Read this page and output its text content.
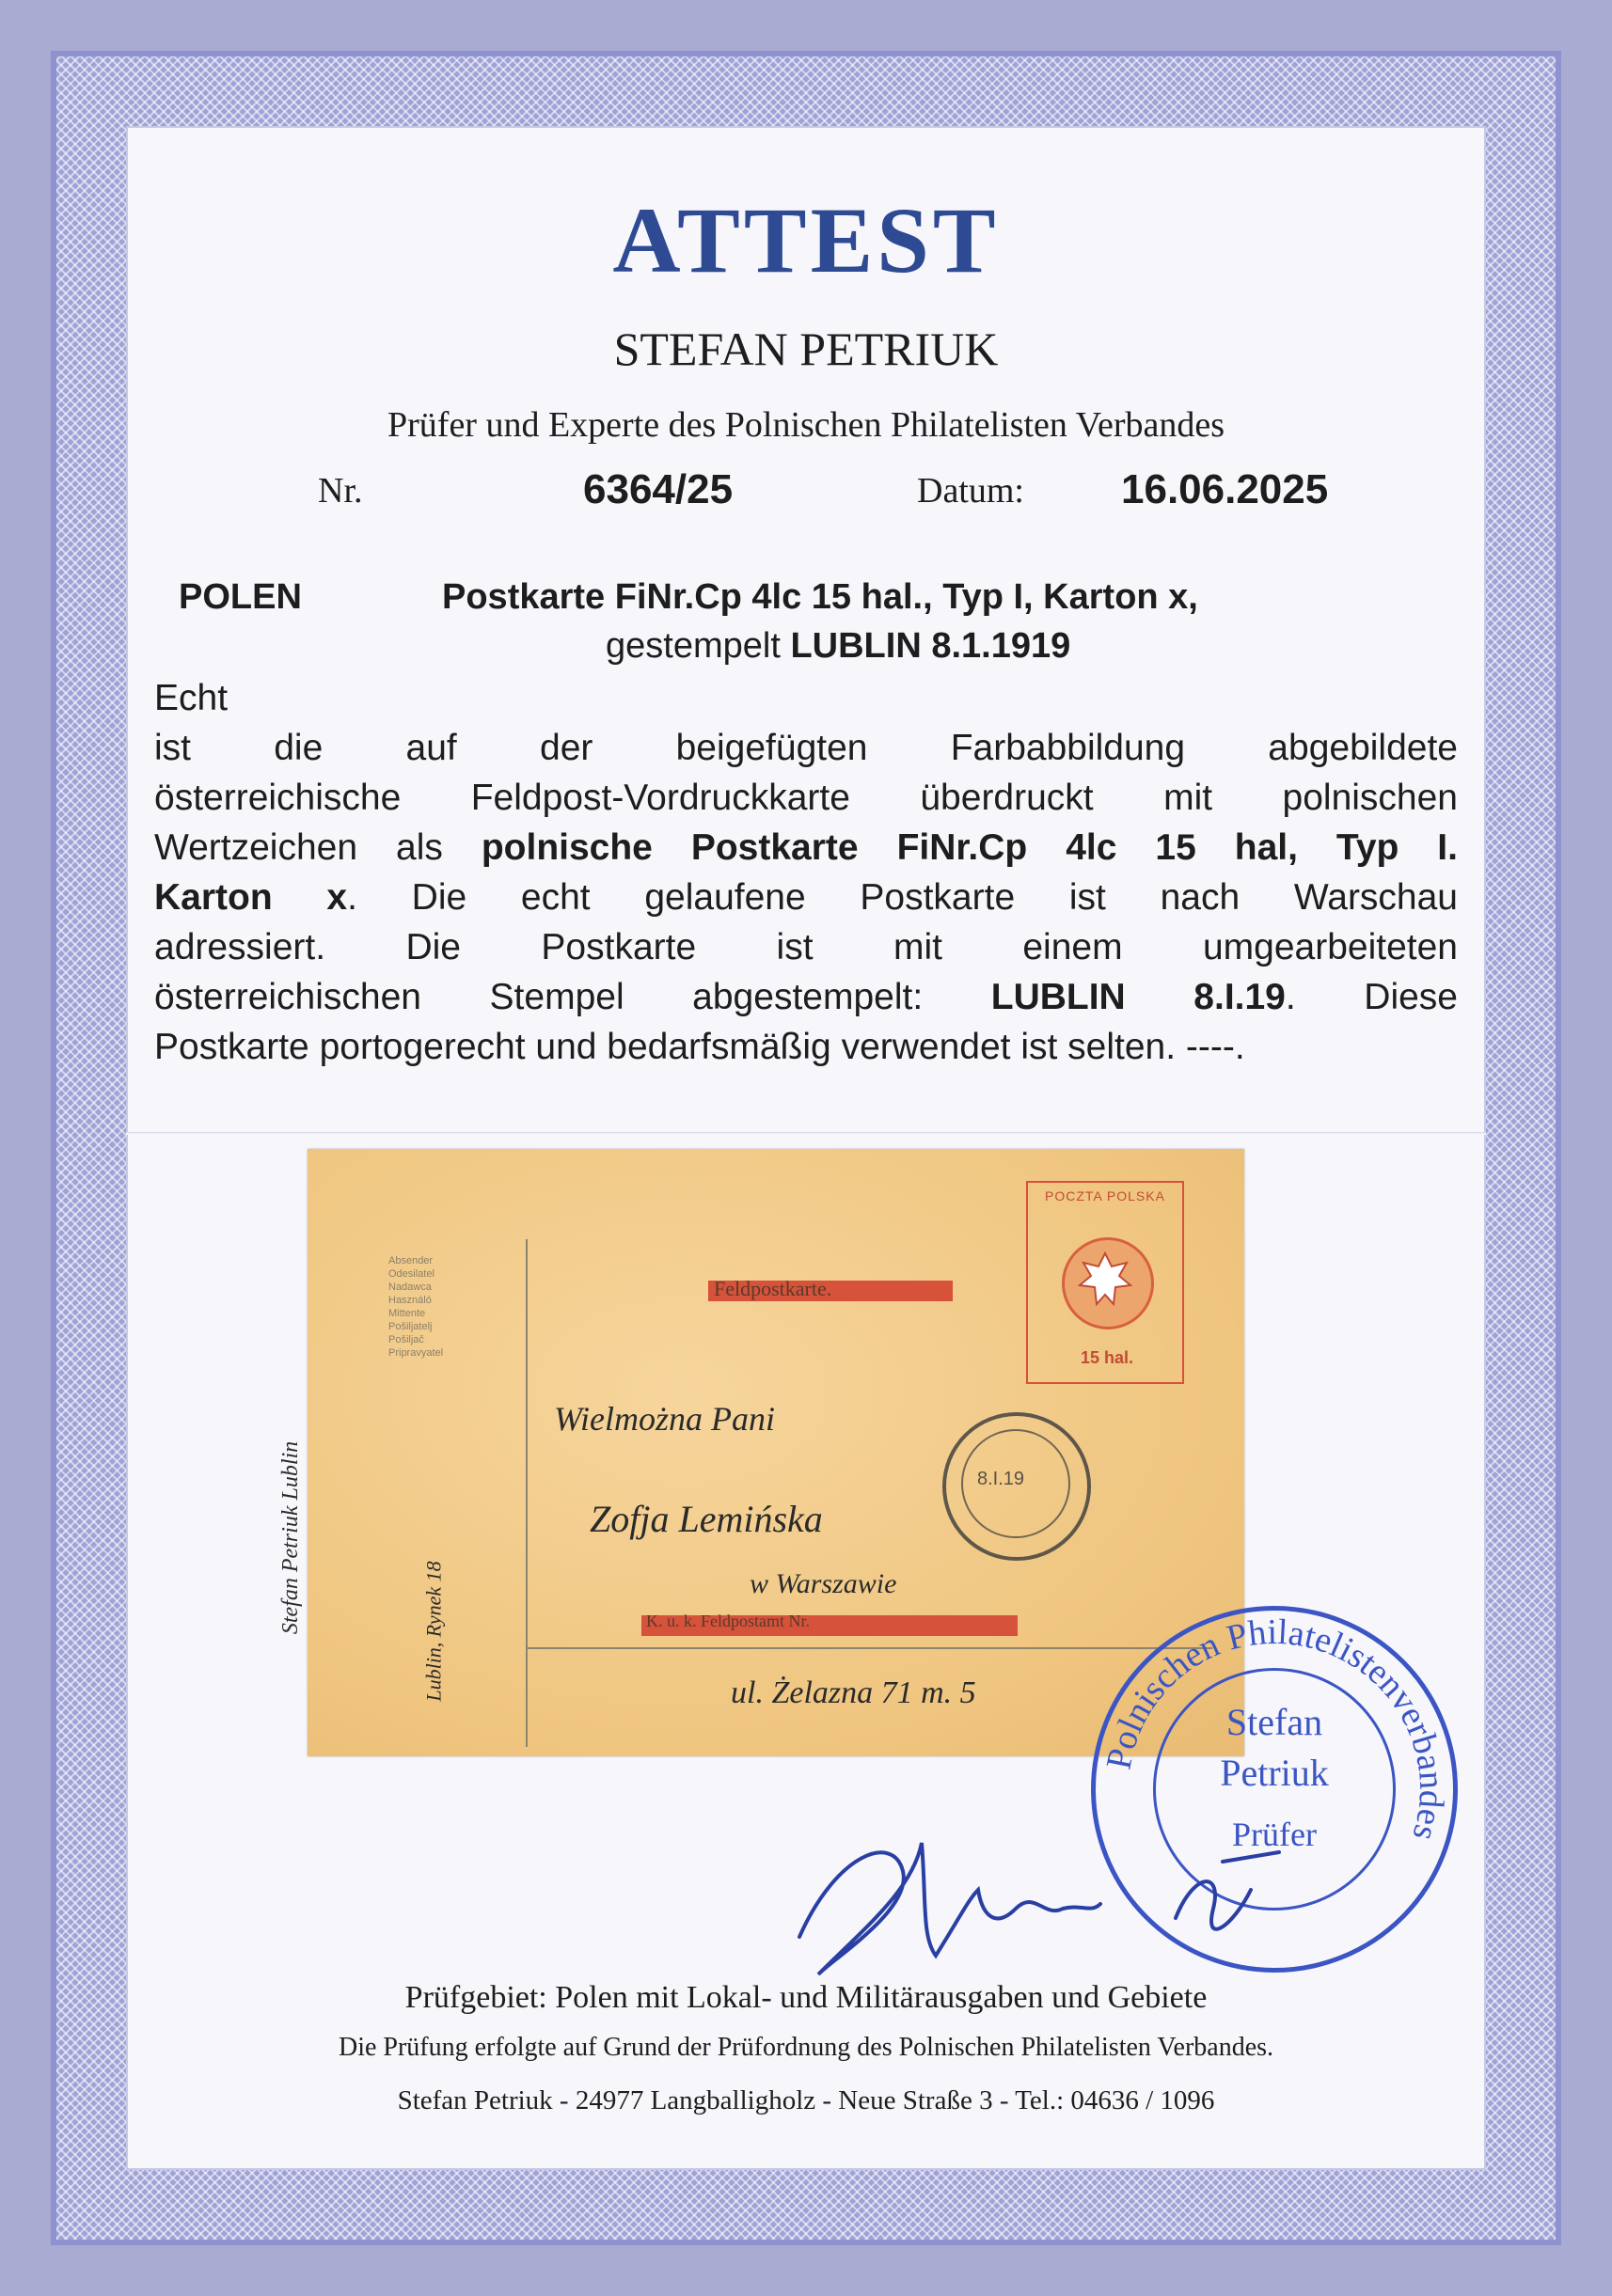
ATTEST
STEFAN PETRIUK
Prüfer und Experte des Polnischen Philatelisten Verbandes
Nr.	6364/25	Datum: 16.06.2025
POLEN	Postkarte FiNr.Cp 4lc 15 hal., Typ I, Karton x,
gestempelt LUBLIN 8.1.1919
Echt
ist die auf der beigefügten Farbabbildung abgebildete
österreichische Feldpost-Vordruckkarte überdruckt mit polnischen
Wertzeichen als polnische Postkarte FiNr.Cp 4lc 15 hal, Typ I.
Karton x. Die echt gelaufene Postkarte ist nach Warschau
adressiert. Die Postkarte ist mit einem umgearbeiteten
österreichischen Stempel abgestempelt: LUBLIN 8.I.19. Diese
Postkarte portogerecht und bedarfsmäßig verwendet ist selten. ----.
Absender
Odesilatel
Nadawca
Használó
Mittente
Pošiljatelj
Pošiljač
Pripravyatel
Feldpostkarte.
K. u. k. Feldpostamt Nr.
POCZTA POLSKA
15 hal.
8.I.19
Wielmożna Pani
Zofja Lemińska
w Warszawie
ul. Żelazna 71 m. 5
Stefan Petriuk Lublin	Lublin, Rynek 18
Polnischen Philatelistenverbandes
Stefan
Petriuk
Prüfer
Prüfgebiet: Polen mit Lokal- und Militärausgaben und Gebiete
Die Prüfung erfolgte auf Grund der Prüfordnung des Polnischen Philatelisten Verbandes.
Stefan Petriuk - 24977 Langballigholz - Neue Straße 3 - Tel.: 04636 / 1096
